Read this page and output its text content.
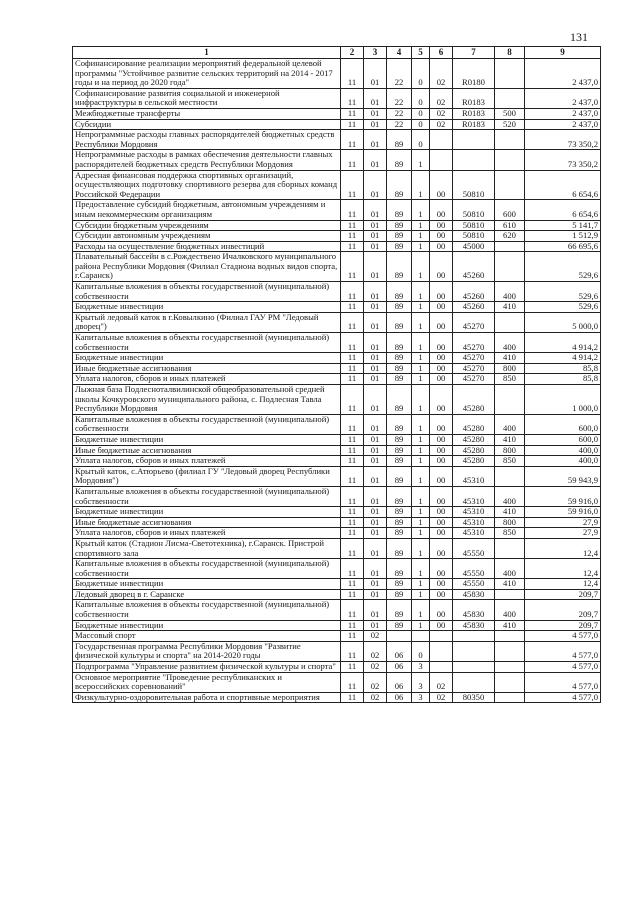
131
1	2	3	4	5	6	7	8	9
Софинансирование реализации мероприятий федеральной целевой программы "Устойчивое развитие сельских территорий на 2014 - 2017 годы и на период до 2020 года"	11	01	22	0	02	R0180		2 437,0
Софинансирование развития социальной и инженерной инфраструктуры в сельской местности	11	01	22	0	02	R0183		2 437,0
Межбюджетные трансферты	11	01	22	0	02	R0183	500	2 437,0
Субсидии	11	01	22	0	02	R0183	520	2 437,0
Непрограммные расходы главных распорядителей бюджетных средств Республики Мордовия	11	01	89	0				73 350,2
Непрограммные расходы в рамках обеспечения деятельности главных распорядителей бюджетных средств Республики Мордовия	11	01	89	1				73 350,2
Адресная финансовая поддержка спортивных организаций, осуществляющих подготовку спортивного резерва для сборных команд Российской Федерации	11	01	89	1	00	50810		6 654,6
Предоставление субсидий бюджетным, автономным учреждениям и иным некоммерческим организациям	11	01	89	1	00	50810	600	6 654,6
Субсидии бюджетным учреждениям	11	01	89	1	00	50810	610	5 141,7
Субсидии автономным учреждениям	11	01	89	1	00	50810	620	1 512,9
Расходы на осуществление бюджетных инвестиций	11	01	89	1	00	45000		66 695,6
Плавательный бассейн в с.Рождествено Ичалковского муниципального района Республики Мордовия (Филиал Стадиона водных видов спорта, г.Саранск)	11	01	89	1	00	45260		529,6
Капитальные вложения в объекты государственной (муниципальной) собственности	11	01	89	1	00	45260	400	529,6
Бюджетные инвестиции	11	01	89	1	00	45260	410	529,6
Крытый ледовый каток в г.Ковылкино (Филиал ГАУ РМ "Ледовый дворец")	11	01	89	1	00	45270		5 000,0
Капитальные вложения в объекты государственной (муниципальной) собственности	11	01	89	1	00	45270	400	4 914,2
Бюджетные инвестиции	11	01	89	1	00	45270	410	4 914,2
Иные бюджетные ассигнования	11	01	89	1	00	45270	800	85,8
Уплата налогов, сборов и иных платежей	11	01	89	1	00	45270	850	85,8
Лыжная база Подлесноталвилинской общеобразовательной средней школы Кочкуровского муниципального района, с. Подлесная Тавла Республики Мордовия	11	01	89	1	00	45280		1 000,0
Капитальные вложения в объекты государственной (муниципальной) собственности	11	01	89	1	00	45280	400	600,0
Бюджетные инвестиции	11	01	89	1	00	45280	410	600,0
Иные бюджетные ассигнования	11	01	89	1	00	45280	800	400,0
Уплата налогов, сборов и иных платежей	11	01	89	1	00	45280	850	400,0
Крытый каток, с.Атюрьево (филиал ГУ "Ледовый дворец Республики Мордовия")	11	01	89	1	00	45310		59 943,9
Капитальные вложения в объекты государственной (муниципальной) собственности	11	01	89	1	00	45310	400	59 916,0
Бюджетные инвестиции	11	01	89	1	00	45310	410	59 916,0
Иные бюджетные ассигнования	11	01	89	1	00	45310	800	27,9
Уплата налогов, сборов и иных платежей	11	01	89	1	00	45310	850	27,9
Крытый каток (Стадион Лисма-Светотехника), г.Саранск. Пристрой спортивного зала	11	01	89	1	00	45550		12,4
Капитальные вложения в объекты государственной (муниципальной) собственности	11	01	89	1	00	45550	400	12,4
Бюджетные инвестиции	11	01	89	1	00	45550	410	12,4
Ледовый дворец в г. Саранске	11	01	89	1	00	45830		209,7
Капитальные вложения в объекты государственной (муниципальной) собственности	11	01	89	1	00	45830	400	209,7
Бюджетные инвестиции	11	01	89	1	00	45830	410	209,7
Массовый спорт	11	02						4 577,0
Государственная программа Республики Мордовия "Развитие физической культуры и спорта" на 2014-2020 годы	11	02	06	0				4 577,0
Подпрограмма "Управление развитием физической культуры и спорта"	11	02	06	3				4 577,0
Основное мероприятие "Проведение республиканских и всероссийских соревнований"	11	02	06	3	02			4 577,0
Физкультурно-оздоровительная работа и спортивные мероприятия	11	02	06	3	02	80350		4 577,0
